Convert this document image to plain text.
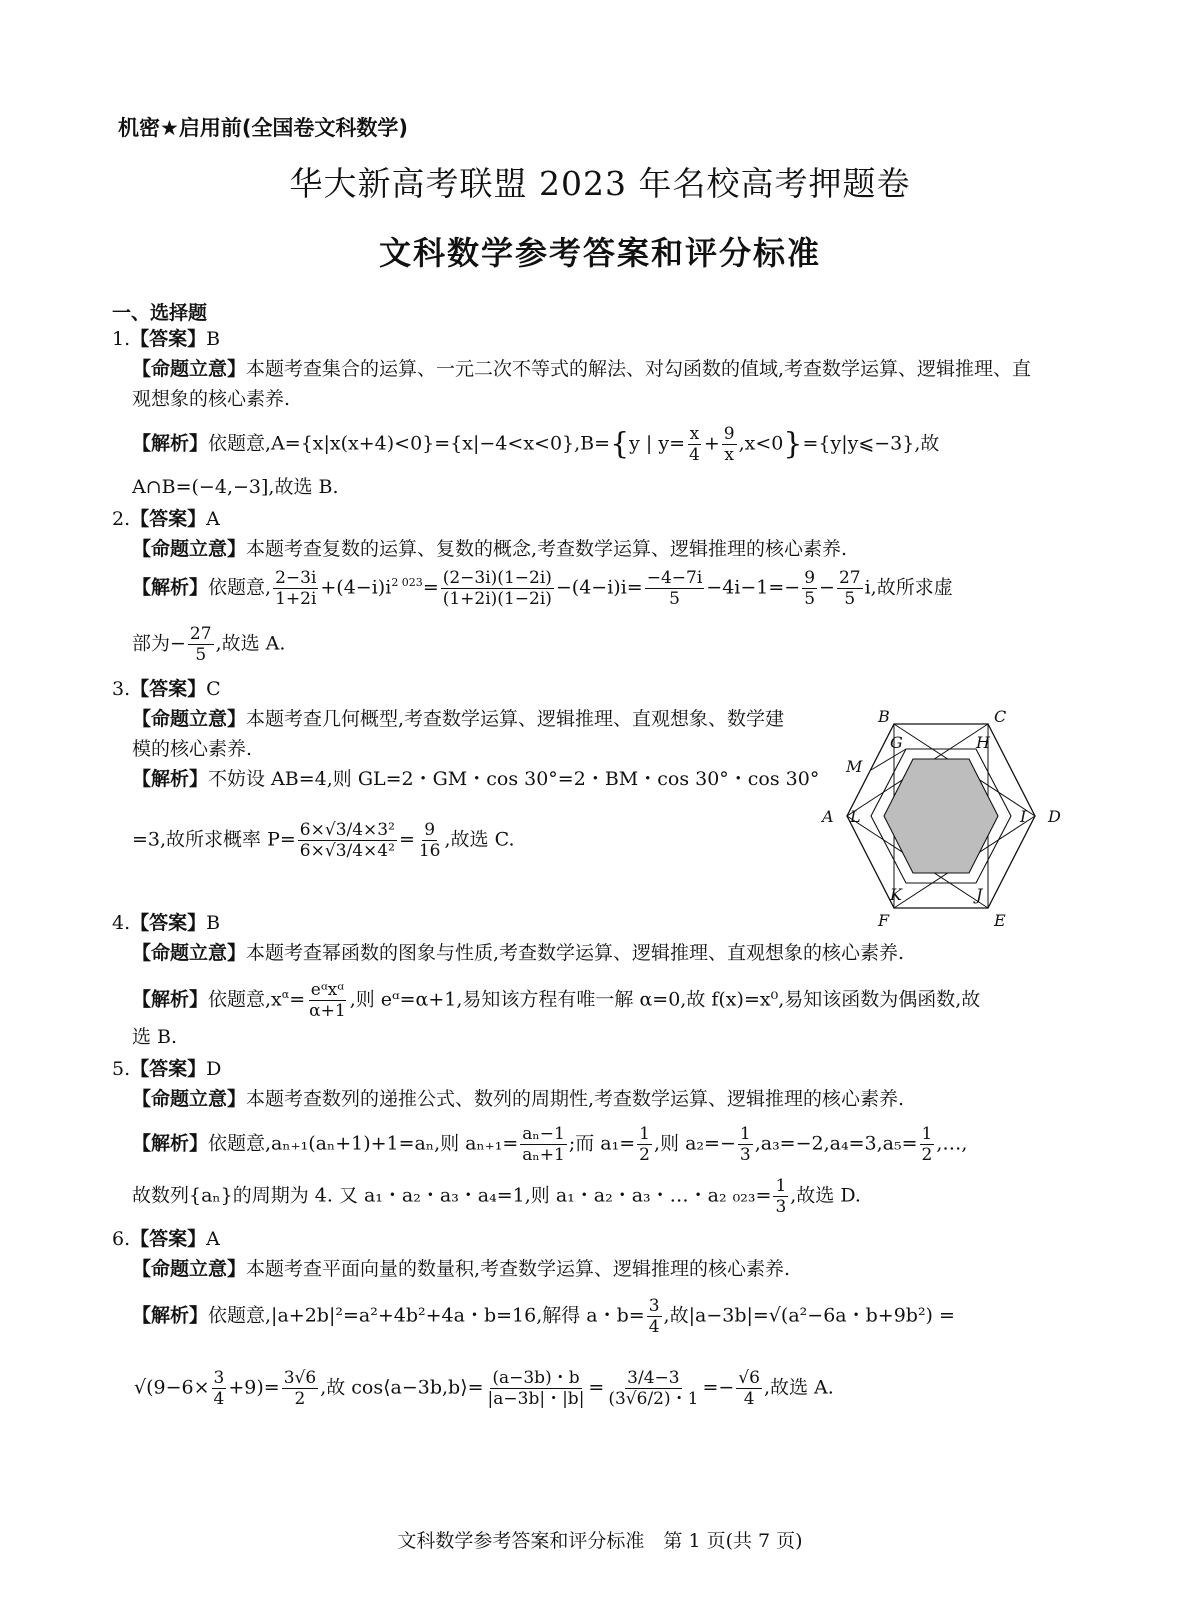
机密★启用前(全国卷文科数学)
华大新高考联盟 2023 年名校高考押题卷
文科数学参考答案和评分标准
一、选择题
1.【答案】B
【命题立意】本题考查集合的运算、一元二次不等式的解法、对勾函数的值域,考查数学运算、逻辑推理、直
观想象的核心素养.
【解析】依题意,A={x|x(x+4)<0}={x|−4<x<0},B={y | $y= \frac{x}{4} + \frac{9}{x}$ ,x<0}={y|y⩽−3},故
A∩B=(−4,−3],故选 B.
2.【答案】A
【命题立意】本题考查复数的运算、复数的概念,考查数学运算、逻辑推理的核心素养.
【解析】依题意, $\frac{2-3i}{1+2i} +(4-i)i^{2 023}= \frac{(2-3i)(1-2i)}{(1+2i)(1-2i)} -(4-i)i= \frac{-4-7i}{5} -4i-1=- \frac{9}{5} - \frac{27}{5} i$,故所求虚
部为− $\frac{27}{5}$ ,故选 A.
3.【答案】C
【命题立意】本题考查几何概型,考查数学运算、逻辑推理、直观想象、数学建
模的核心素养.
【解析】不妨设 AB=4,则 GL=2・GM・cos 30°=2・BM・cos 30°・cos 30°
=3,故所求概率 $P= \frac{\text{6×√3/4×3²}}{\text{6×√3/4×4²}} = \frac{9}{16}$ ,故选 C.
B	C
G	H
M
A L	I D
K	J
F	E
4.【答案】B
【命题立意】本题考查幂函数的图象与性质,考查数学运算、逻辑推理、直观想象的核心素养.
【解析】依题意$,x^\alpha= \frac{\text{eᵅxᵅ}}{\alpha+1}$ ,则 eᵅ=α+1,易知该方程有唯一解 α=0,故 f(x)=x⁰,易知该函数为偶函数,故
选 B.
5.【答案】D
【命题立意】本题考查数列的递推公式、数列的周期性,考查数学运算、逻辑推理的核心素养.
【解析】依题意,aₙ₊₁(aₙ+1)+1=aₙ,则 $a_{n+1}= \frac{\text{aₙ−1}}{\text{aₙ+1}}$ ;而 $a_1= \frac{1}{2}$ ,则 $a_2=- \frac{1}{3} ,a_3=-2,a_4=3,a_5= \frac{1}{2}$ ,…,
故数列{aₙ}的周期为 4. 又 a₁・a₂・a₃・a₄=1,则 a₁・a₂・a₃・…・a₂ $_{023}= \frac{1}{3}$ ,故选 D.
6.【答案】A
【命题立意】本题考查平面向量的数量积,考查数学运算、逻辑推理的核心素养.
【解析】依题意,|a+2b|²=a²+4b²+4a・b=16,解得 a・$b= \frac{3}{4}$ ,故|a−3b|=√(a²−6a・b+9b²) =
$√(9-6\times \frac{3}{4} +9)= \frac{3√6}{2}$ ,故 cos⟨a−3b,b⟩= $\frac{(a-3b)・b}{|a-3b|・|b|} = \frac{3/4-3}{(3√6/2)・1} =- \frac{√6}{4}$ ,故选 A.
文科数学参考答案和评分标准　第 1 页(共 7 页)
